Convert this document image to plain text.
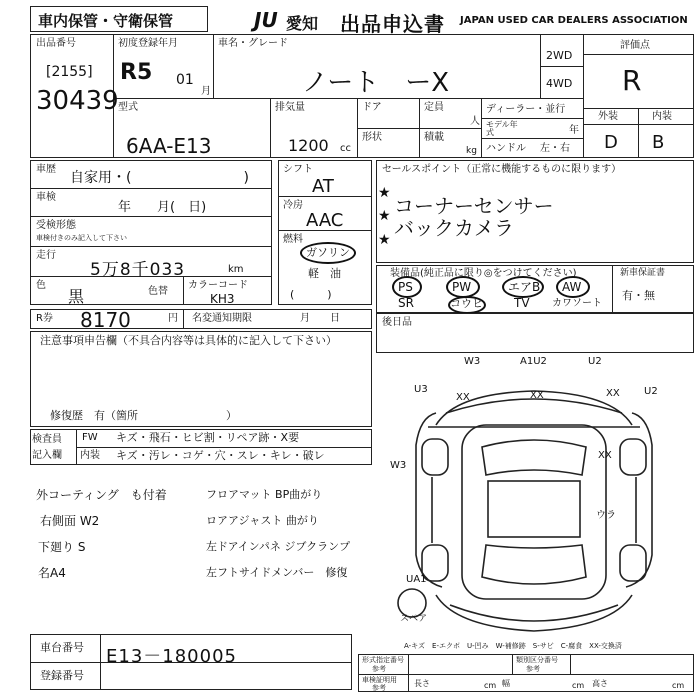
車内保管・守衛保管	JU 愛知 出品申込書 JAPAN USED CAR DEALERS ASSOCIATION
出品番号
[2155]
30439
初度登録年月
R5 01
月
車名・グレード
ノート　ーX
2WD
4WD
評価点
R
外装	内装
D B
型式
6AA-E13
排気量
1200 cc
ドア
形状
定員
人
積載
kg
ディーラー・並行
モデル年式	年
ハンドル 左・右
車歴
自家用・(　　　　　　　　)
車検
年　　月(　日)
受検形態
車検付きのみ記入して下さい
走行
5万8千033	km
色
黒	色替
カラーコード
KH3
R券 8170	円 名変通知期限	月　　日
シフト
AT
冷房
AAC
燃料
ガソリン
軽　油
(　　　)
セールスポイント（正常に機能するものに限ります）
★
コーナーセンサー
★ バックカメラ
★
装備品(純正品に限り◎をつけてください)
PS	PW	エアB AW
SR	コウヒ	TV カワソート
新車保証書
有・無
後日品
注意事項申告欄（不具合内容等は具体的に記入して下さい）
修復歴　有（箇所　　　　　　　　）
検査員
記入欄
FW キズ・飛石・ヒビ割・リペア跡・X要
内装 キズ・汚レ・コゲ・穴・スレ・キレ・破レ
外コーティング　も付着
右側面 W2
下廻り S
名A4
フロアマット BP曲がり
ロアアジャスト 曲がり
左ドアインパネ ジブクランプ
左フトサイドメンバー　修復
A1U2
W3	U2
U3
XX	XX	XX U2
W3
XX
ウラ
UA1
スペア
A-キズ　E-エクボ　U-凹み　W-補修跡　S-サビ　C-腐食　XX-交換済
車台番号 E13－180005
登録番号
形式指定番号
参考
類別区分番号
参考
車検証明用
参考	長さ	cm 幅	cm 高さ	cm
